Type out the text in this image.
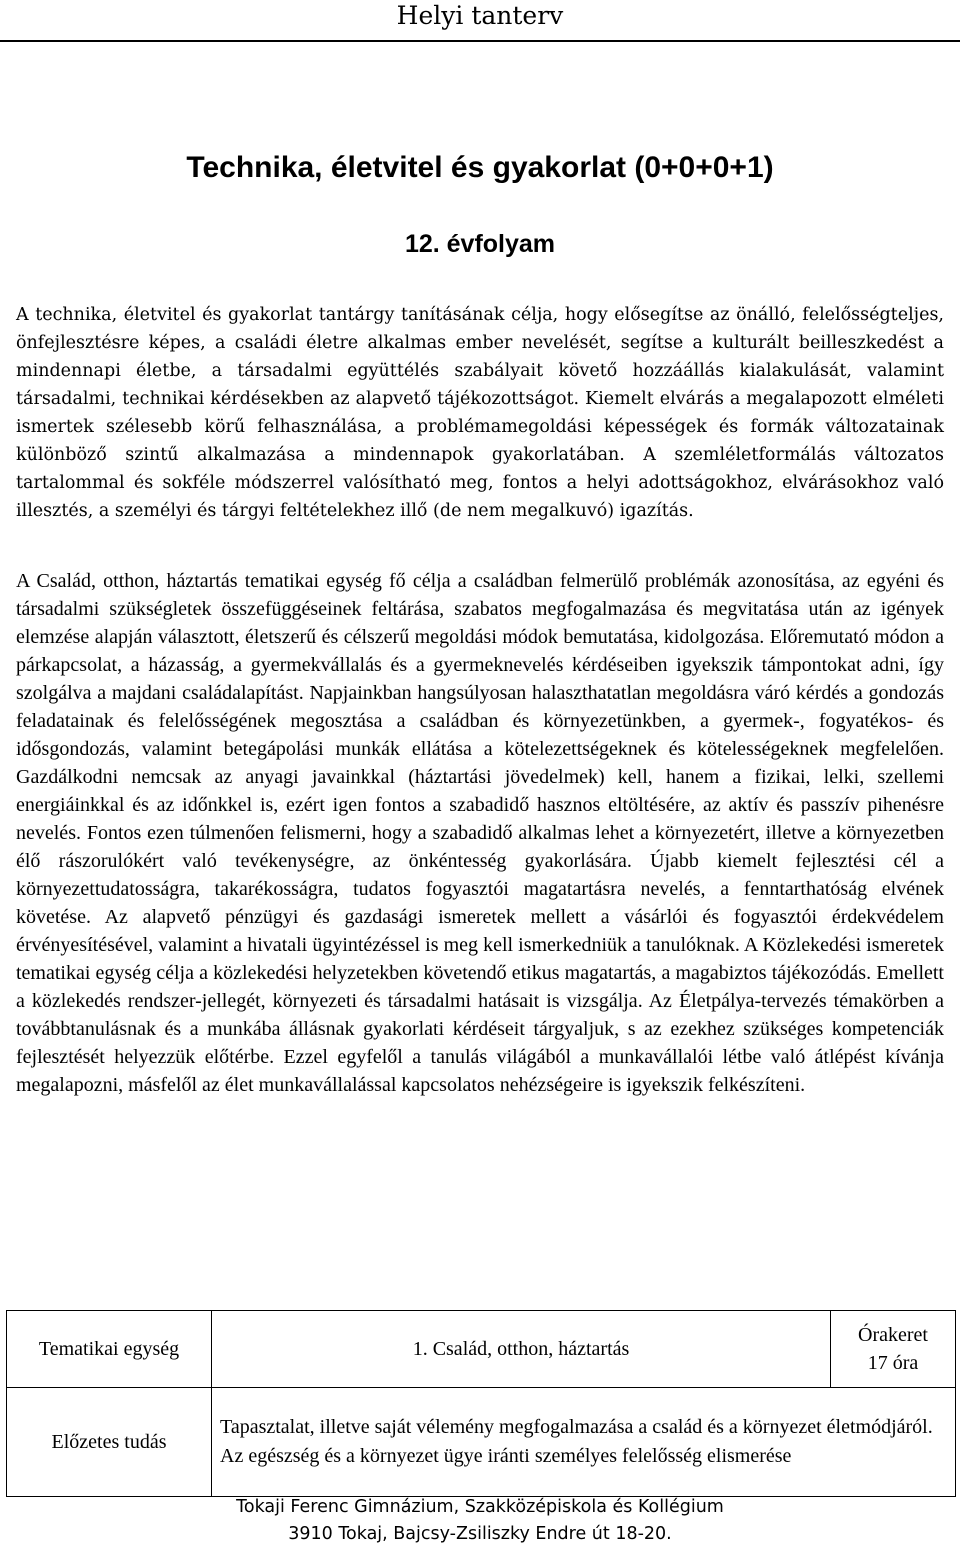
Helyi tanterv
Technika, életvitel és gyakorlat (0+0+0+1)
12. évfolyam

A technika, életvitel és gyakorlat tantárgy tanításának célja, hogy elősegítse az önálló, felelősségteljes, önfejlesztésre képes, a családi életre alkalmas ember nevelését, segítse a kulturált beilleszkedést a mindennapi életbe, a társadalmi együttélés szabályait követő hozzáállás kialakulását, valamint társadalmi, technikai kérdésekben az alapvető tájékozottságot. Kiemelt elvárás a megalapozott elméleti ismertek szélesebb körű felhasználása, a problémamegoldási képességek és formák változatainak különböző szintű alkalmazása a mindennapok gyakorlatában. A szemléletformálás változatos tartalommal és sokféle módszerrel valósítható meg, fontos a helyi adottságokhoz, elvárásokhoz való illesztés, a személyi és tárgyi feltételekhez illő (de nem megalkuvó) igazítás.

A Család, otthon, háztartás tematikai egység fő célja a családban felmerülő problémák azonosítása, az egyéni és társadalmi szükségletek összefüggéseinek feltárása, szabatos megfogalmazása és megvitatása után az igények elemzése alapján választott, életszerű és célszerű megoldási módok bemutatása, kidolgozása. Előremutató módon a párkapcsolat, a házasság, a gyermekvállalás és a gyermeknevelés kérdéseiben igyekszik támpontokat adni, így szolgálva a majdani családalapítást. Napjainkban hangsúlyosan halaszthatatlan megoldásra váró kérdés a gondozás feladatainak és felelősségének megosztása a családban és környezetünkben, a gyermek-, fogyatékos- és idősgondozás, valamint betegápolási munkák ellátása a kötelezettségeknek és kötelességeknek megfelelően. Gazdálkodni nemcsak az anyagi javainkkal (háztartási jövedelmek) kell, hanem a fizikai, lelki, szellemi energiáinkkal és az időnkkel is, ezért igen fontos a szabadidő hasznos eltöltésére, az aktív és passzív pihenésre nevelés. Fontos ezen túlmenően felismerni, hogy a szabadidő alkalmas lehet a környezetért, illetve a környezetben élő rászorulókért való tevékenységre, az önkéntesség gyakorlására. Újabb kiemelt fejlesztési cél a környezettudatosságra, takarékosságra, tudatos fogyasztói magatartásra nevelés, a fenntarthatóság elvének követése. Az alapvető pénzügyi és gazdasági ismeretek mellett a vásárlói és fogyasztói érdekvédelem érvényesítésével, valamint a hivatali ügyintézéssel is meg kell ismerkedniük a tanulóknak. A Közlekedési ismeretek tematikai egység célja a közlekedési helyzetekben követendő etikus magatartás, a magabiztos tájékozódás. Emellett a közlekedés rendszer-jellegét, környezeti és társadalmi hatásait is vizsgálja. Az Életpálya-tervezés témakörben a továbbtanulásnak és a munkába állásnak gyakorlati kérdéseit tárgyaljuk, s az ezekhez szükséges kompetenciák fejlesztését helyezzük előtérbe. Ezzel egyfelől a tanulás világából a munkavállalói létbe való átlépést kívánja megalapozni, másfelől az élet munkavállalással kapcsolatos nehézségeire is igyekszik felkészíteni.

Tematikai egység	1. Család, otthon, háztartás	Órakeret
17 óra

Előzetes tudás	Tapasztalat, illetve saját vélemény megfogalmazása a család és a környezet életmódjáról.
Az egészség és a környezet ügye iránti személyes felelősség elismerése	
Tokaji Ferenc Gimnázium, Szakközépiskola és Kollégium
3910 Tokaj, Bajcsy-Zsiliszky Endre út 18-20.
